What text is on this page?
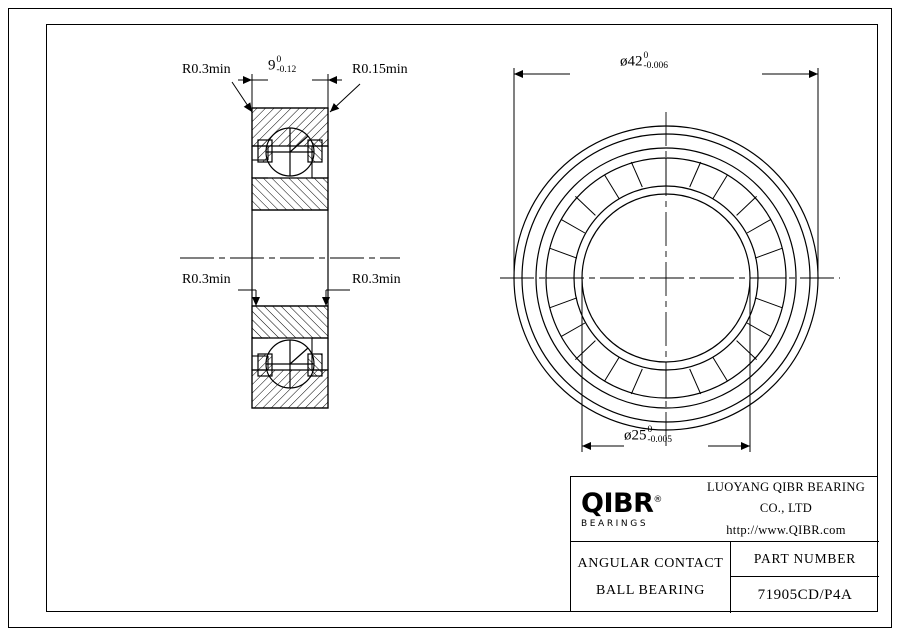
90
-0.12
ø420
-0.006
ø250
-0.005
R0.3min	R0.15min
R0.3min	R0.3min
QIBR®
BEARINGS
LUOYANG QIBR BEARING CO., LTD
http://www.QIBR.com
ANGULAR CONTACT
BALL BEARING
PART NUMBER
71905CD/P4A
